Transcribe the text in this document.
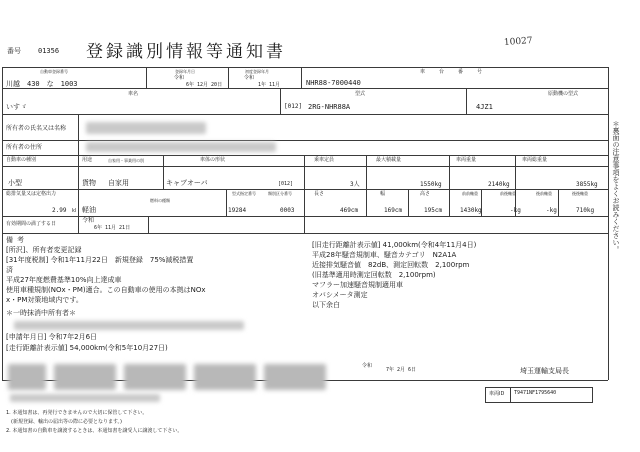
番号 01356 登録識別情報等通知書	10027
自動車登録番号	登録年月日	初度登録年月	車台番号
令和	令和
川越　430　な　1003	6年 12月 20日	1年 11月	NHR88-7000440
車名	型式	原動機の型式
いすゞ	[012] 2RG-NHR88A	4JZ1
所有者の氏名又は名称
所有者の住所
自動車の種別	用途	自家用・事業用の別	車体の形状	乗車定員	最大積載量	車両重量	車両総重量
小型	貨物 自家用	キャブオーバ	[012]	3人	1550kg	2140kg	3855kg
総排気量又は定格出力
燃料の種類
型式指定番号	類別区分番号	長さ	幅	高さ	前前軸重	前後軸重	後前軸重	後後軸重
2.99 kl 軽油	19284	0003	469cm	169cm	195cm	1430kg	-kg	-kg	710kg
有効期間の満了する日	令和
6年 11月 21日
備考
[所沢]、所有者変更記録
[31年度税制] 令和1年11月22日　新規登録　75%減税措置
済
平成27年度燃費基準10%向上達成車
使用車種規制(NOx・PM)適合。この自動車の使用の本拠はNOx
x・PM対策地域内です。
＊一時抹消中所有者＊
[申請年月日] 令和7年2月6日
[走行距離計表示値] 54,000km(令和5年10月27日)
[旧走行距離計表示値] 41,000km(令和4年11月4日)
平成28年騒音規制車、騒音カテゴリ　N2A1A
近接排気騒音値　82dB、測定回転数　2,100rpm
(旧基準適用時測定回転数　2,100rpm)
マフラー加速騒音規制適用車
オバシメータ測定
以下余白
令和
7年 2月 6日	埼玉運輸支局長
車両ID T9471NF1795640
1. 本通知書は、再発行できませんので大切に保管して下さい。
　(新規登録、輸出の届出等の際に必要となります。)
2. 本通知書の自動車を譲渡するときは、本通知書を譲受人に譲渡して下さい。
＊裏面の注意事項をよくお読みください。
